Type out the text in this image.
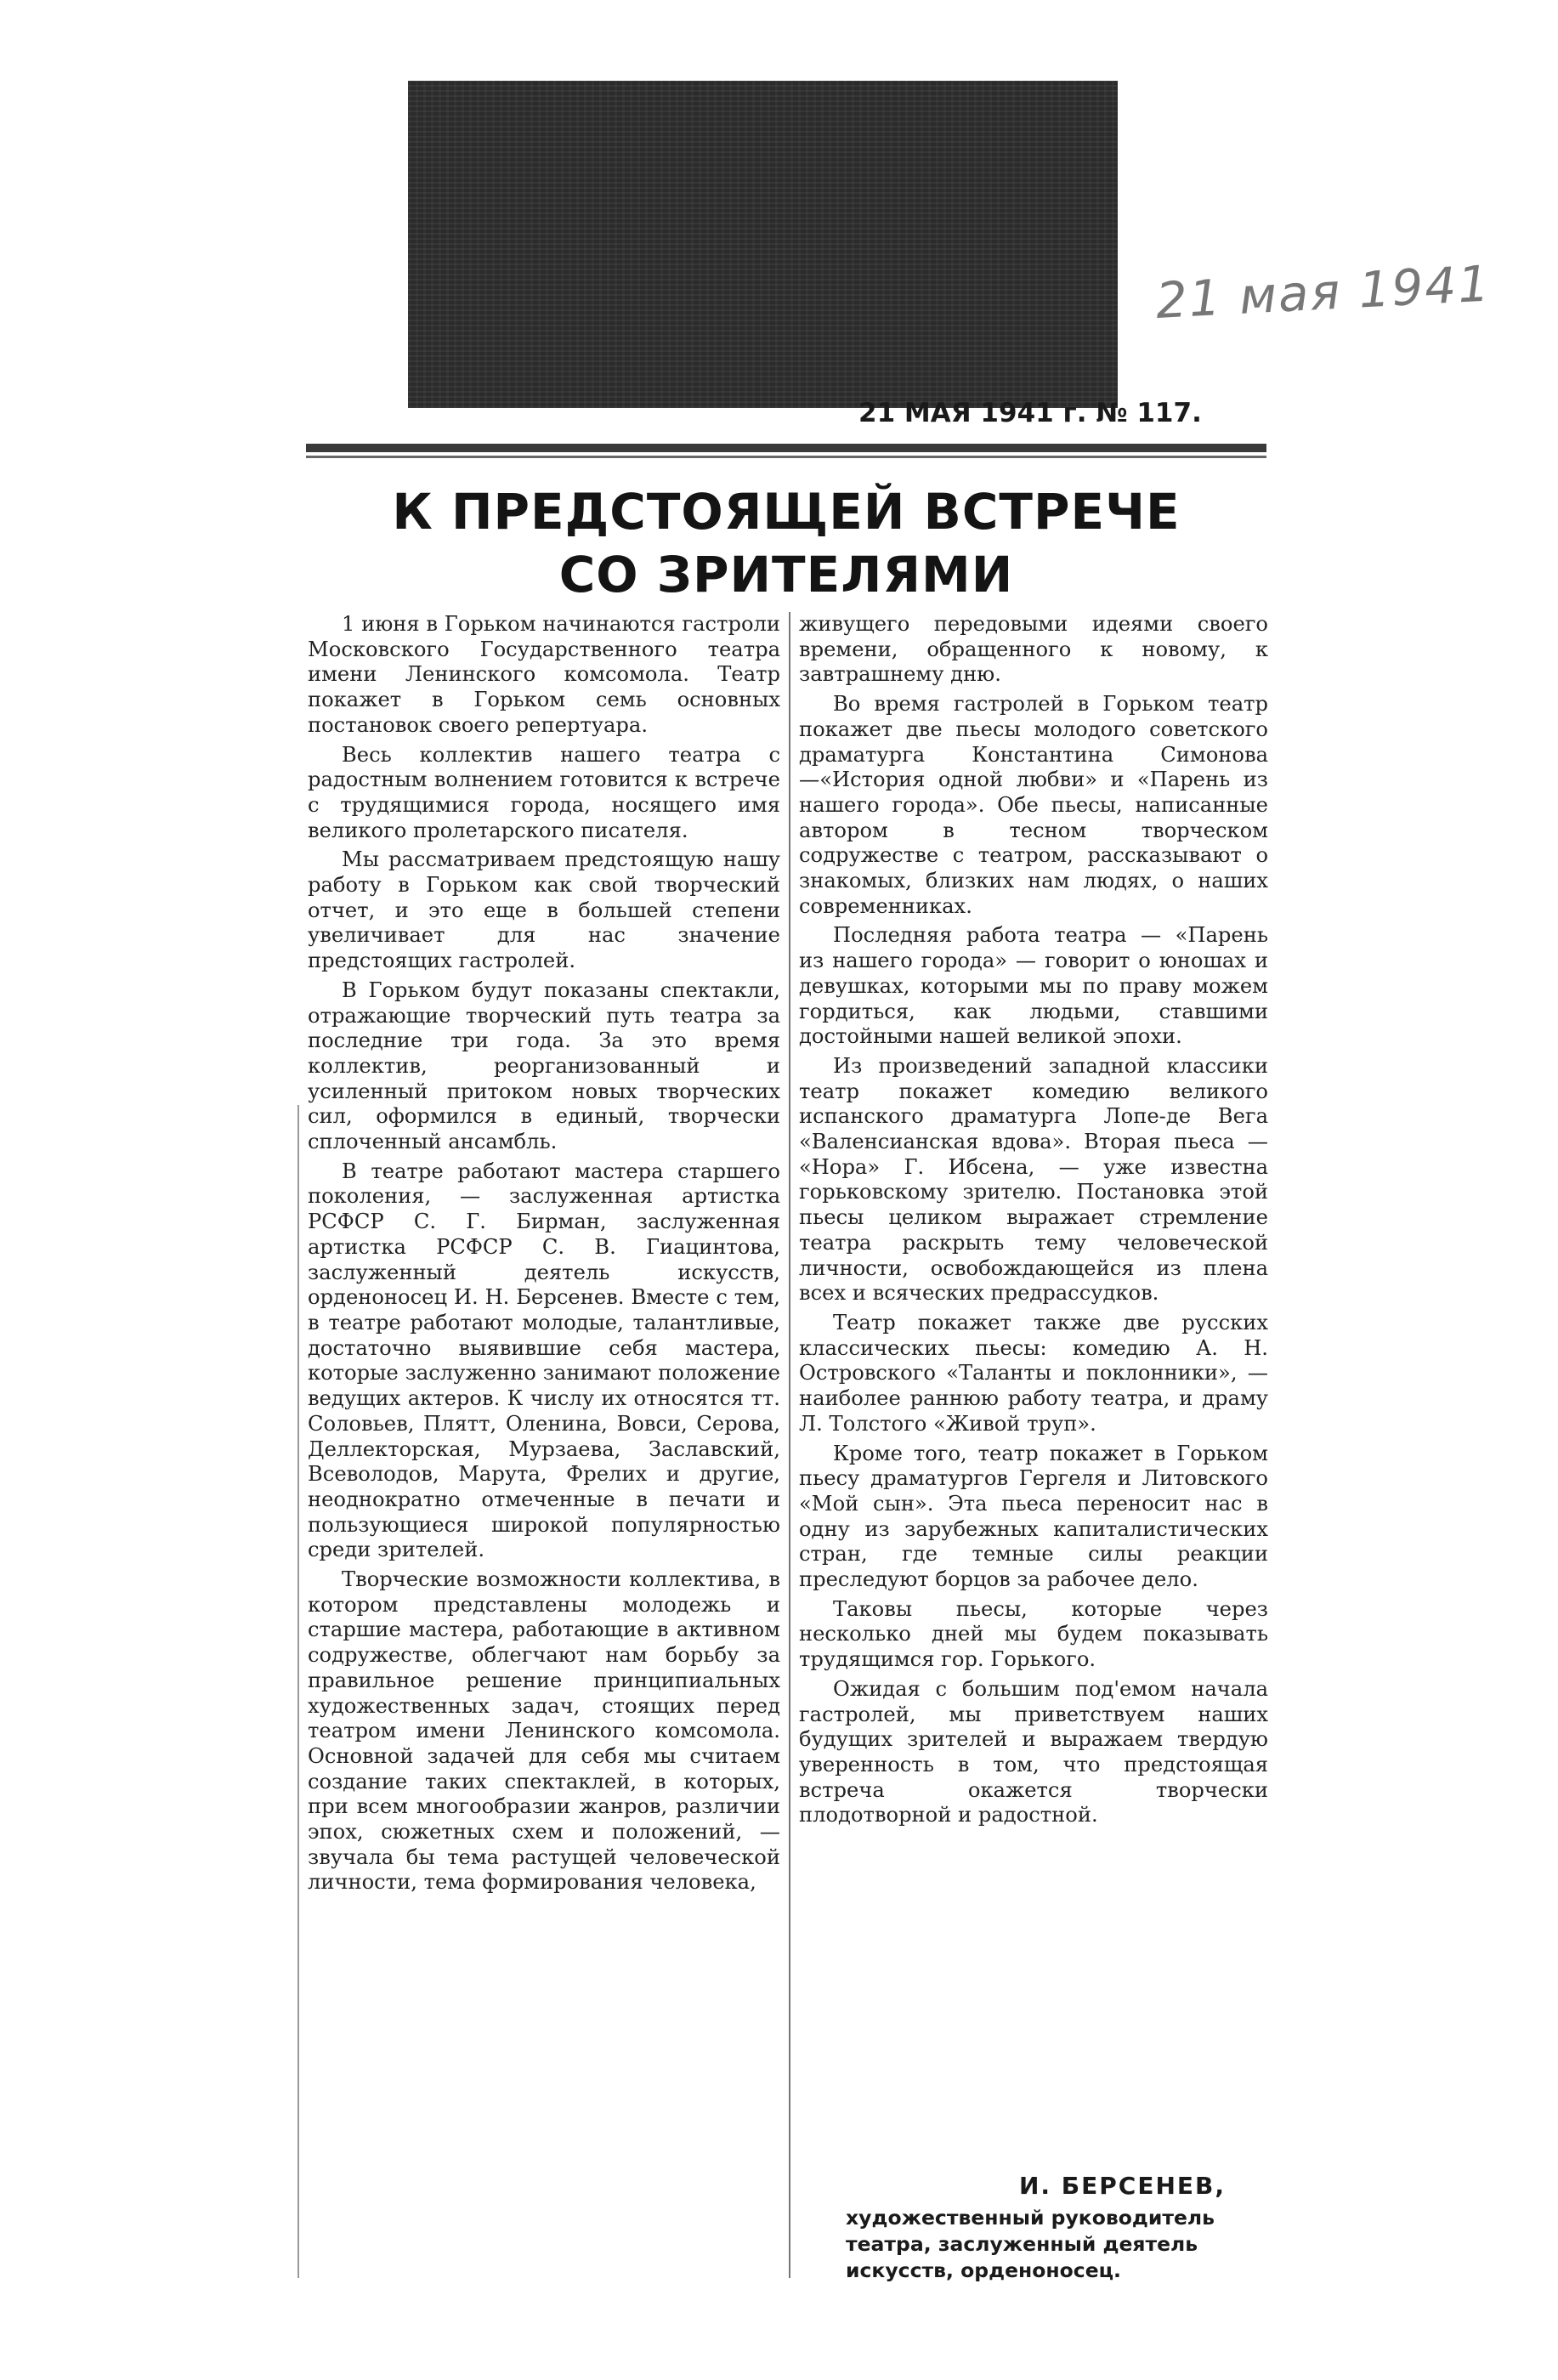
21 мая 1941
21 МАЯ 1941 г. № 117.
К ПРЕДСТОЯЩЕЙ ВСТРЕЧЕ
СО ЗРИТЕЛЯМИ

1 июня в Горьком начинаются гастроли Московского Государственного театра имени Ленинского комсомола. Театр покажет в Горьком семь основных постановок своего репертуара.

Весь коллектив нашего театра с радостным волнением готовится к встрече с трудящимися города, носящего имя великого пролетарского писателя.

Мы рассматриваем предстоящую нашу работу в Горьком как свой творческий отчет, и это еще в большей степени увеличивает для нас значение предстоящих гастролей.

В Горьком будут показаны спектакли, отражающие творческий путь театра за последние три года. За это время коллектив, реорганизованный и усиленный притоком новых творческих сил, оформился в единый, творчески сплоченный ансамбль.

В театре работают мастера старшего поколения, — заслуженная артистка РСФСР С. Г. Бирман, заслуженная артистка РСФСР С. В. Гиацинтова, заслуженный деятель искусств, орденоносец И. Н. Берсенев. Вместе с тем, в театре работают молодые, талантливые, достаточно выявившие себя мастера, которые заслуженно занимают положение ведущих актеров. К числу их относятся тт. Соловьев, Плятт, Оленина, Вовси, Серова, Деллекторская, Мурзаева, Заславский, Всеволодов, Марута, Фрелих и другие, неоднократно отмеченные в печати и пользующиеся широкой популярностью среди зрителей.

Творческие возможности коллектива, в котором представлены молодежь и старшие мастера, работающие в активном содружестве, облегчают нам борьбу за правильное решение принципиальных художественных задач, стоящих перед театром имени Ленинского комсомола. Основной задачей для себя мы считаем создание таких спектаклей, в которых, при всем многообразии жанров, различии эпох, сюжетных схем и положений, — звучала бы тема растущей человеческой личности, тема формирования человека,

живущего передовыми идеями своего времени, обращенного к новому, к завтрашнему дню.

Во время гастролей в Горьком театр покажет две пьесы молодого советского драматурга Константина Симонова—«История одной любви» и «Парень из нашего города». Обе пьесы, написанные автором в тесном творческом содружестве с театром, рассказывают о знакомых, близких нам людях, о наших современниках.

Последняя работа театра — «Парень из нашего города» — говорит о юношах и девушках, которыми мы по праву можем гордиться, как людьми, ставшими достойными нашей великой эпохи.

Из произведений западной классики театр покажет комедию великого испанского драматурга Лопе-де Вега «Валенсианская вдова». Вторая пьеса — «Нора» Г. Ибсена, — уже известна горьковскому зрителю. Постановка этой пьесы целиком выражает стремление театра раскрыть тему человеческой личности, освобождающейся из плена всех и всяческих предрассудков.

Театр покажет также две русских классических пьесы: комедию А. Н. Островского «Таланты и поклонники», — наиболее раннюю работу театра, и драму Л. Толстого «Живой труп».

Кроме того, театр покажет в Горьком пьесу драматургов Гергеля и Литовского «Мой сын». Эта пьеса переносит нас в одну из зарубежных капиталистических стран, где темные силы реакции преследуют борцов за рабочее дело.

Таковы пьесы, которые через несколько дней мы будем показывать трудящимся гор. Горького.

Ожидая с большим под'емом начала гастролей, мы приветствуем наших будущих зрителей и выражаем твердую уверенность в том, что предстоящая встреча окажется творчески плодотворной и радостной.

И. БЕРСЕНЕВ,
художественный руководитель
театра, заслуженный деятель
искусств, орденоносец.
